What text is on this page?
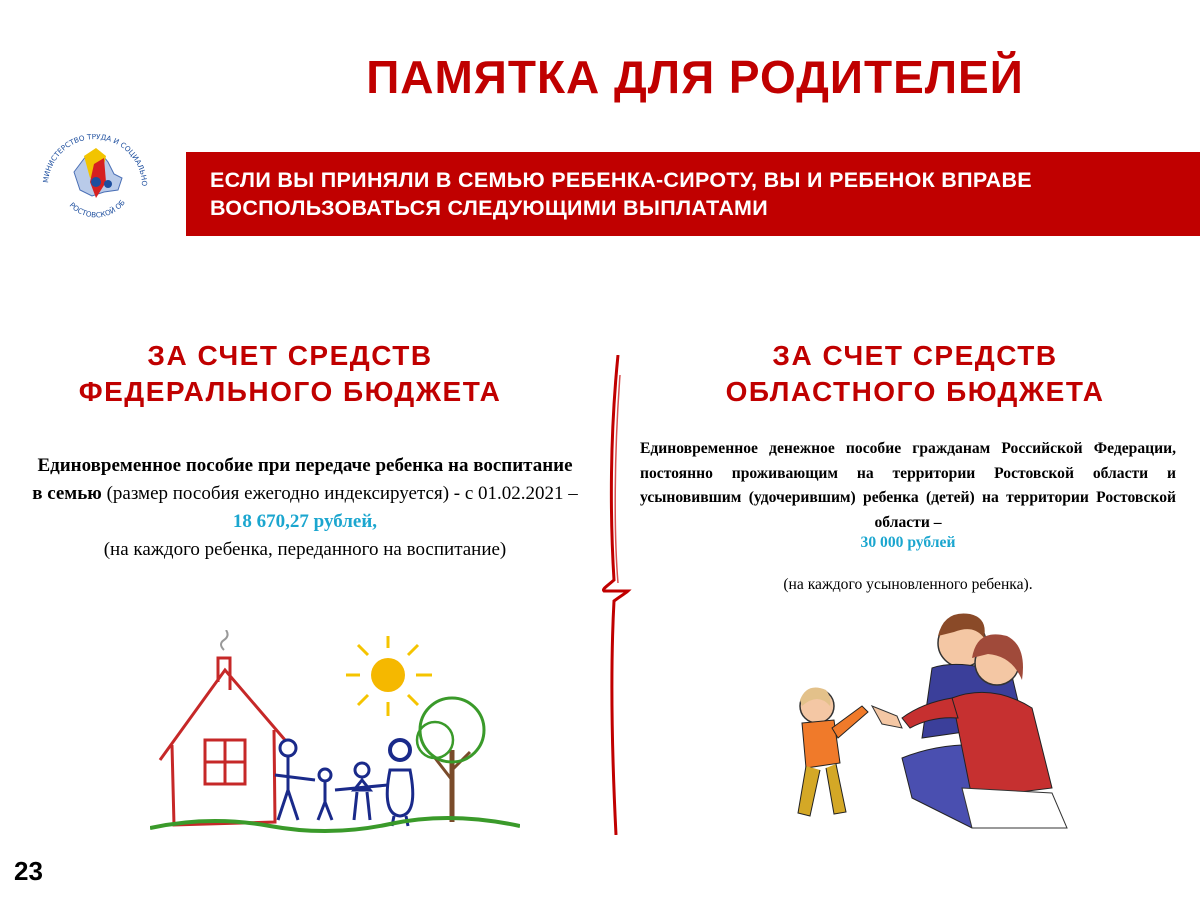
ПАМЯТКА ДЛЯ РОДИТЕЛЕЙ
МИНИСТЕРСТВО ТРУДА И СОЦИАЛЬНО
РОСТОВСКОЙ ОБ
ЕСЛИ ВЫ ПРИНЯЛИ В СЕМЬЮ РЕБЕНКА-СИРОТУ, ВЫ И РЕБЕНОК ВПРАВЕ
ВОСПОЛЬЗОВАТЬСЯ СЛЕДУЮЩИМИ ВЫПЛАТАМИ
ЗА СЧЕТ СРЕДСТВ
ФЕДЕРАЛЬНОГО БЮДЖЕТА
ЗА СЧЕТ СРЕДСТВ
ОБЛАСТНОГО БЮДЖЕТА
Единовременное пособие при передаче ребенка на воспитание в семью (размер пособия ежегодно индексируется) - с 01.02.2021 – 18 670,27 рублей,
(на каждого ребенка, переданного на воспитание)
Единовременное денежное пособие гражданам Российской Федерации, постоянно проживающим на территории Ростовской области и усыновившим (удочерившим) ребенка (детей) на территории Ростовской области –
30 000 рублей
(на каждого усыновленного ребенка).
23
